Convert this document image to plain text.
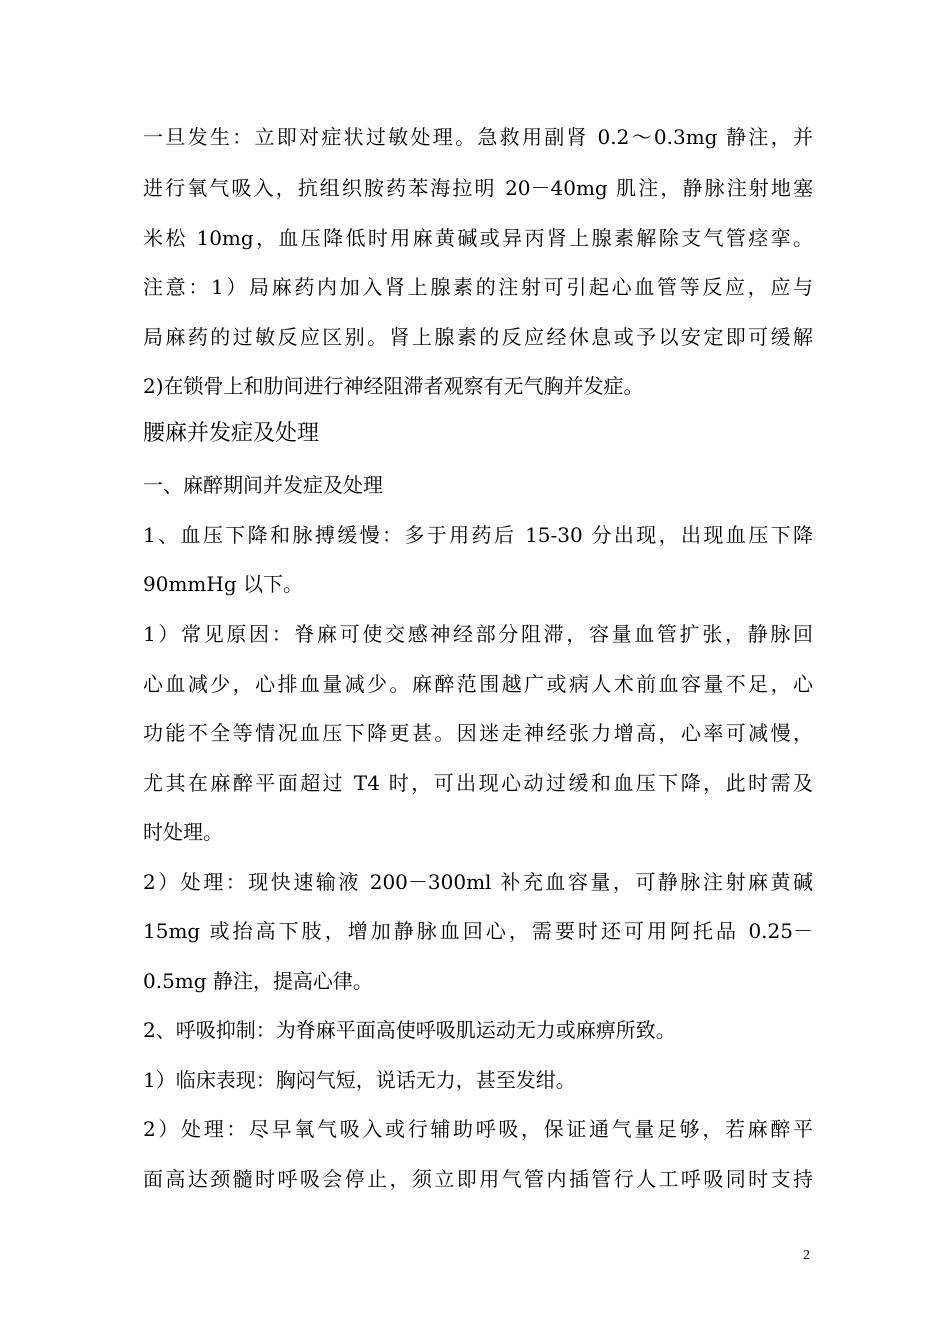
一旦发生：立即对症状过敏处理。急救用副肾 0.2～0.3mg 静注，并
进行氧气吸入，抗组织胺药苯海拉明 20－40mg 肌注，静脉注射地塞
米松 10mg，血压降低时用麻黄碱或异丙肾上腺素解除支气管痉挛。
注意：1）局麻药内加入肾上腺素的注射可引起心血管等反应，应与
局麻药的过敏反应区别。肾上腺素的反应经休息或予以安定即可缓解
2)在锁骨上和肋间进行神经阻滞者观察有无气胸并发症。
腰麻并发症及处理
一、麻醉期间并发症及处理
1、血压下降和脉搏缓慢：多于用药后 15-30 分出现，出现血压下降
90mmHg 以下。
1）常见原因：脊麻可使交感神经部分阻滞，容量血管扩张，静脉回
心血减少，心排血量减少。麻醉范围越广或病人术前血容量不足，心
功能不全等情况血压下降更甚。因迷走神经张力增高，心率可减慢，
尤其在麻醉平面超过 T4 时，可出现心动过缓和血压下降，此时需及
时处理。
2）处理：现快速输液 200－300ml 补充血容量，可静脉注射麻黄碱
15mg 或抬高下肢，增加静脉血回心，需要时还可用阿托品 0.25－
0.5mg 静注，提高心律。
2、呼吸抑制：为脊麻平面高使呼吸肌运动无力或麻痹所致。
1）临床表现：胸闷气短，说话无力，甚至发绀。
2）处理：尽早氧气吸入或行辅助呼吸，保证通气量足够，若麻醉平
面高达颈髓时呼吸会停止，须立即用气管内插管行人工呼吸同时支持
2
